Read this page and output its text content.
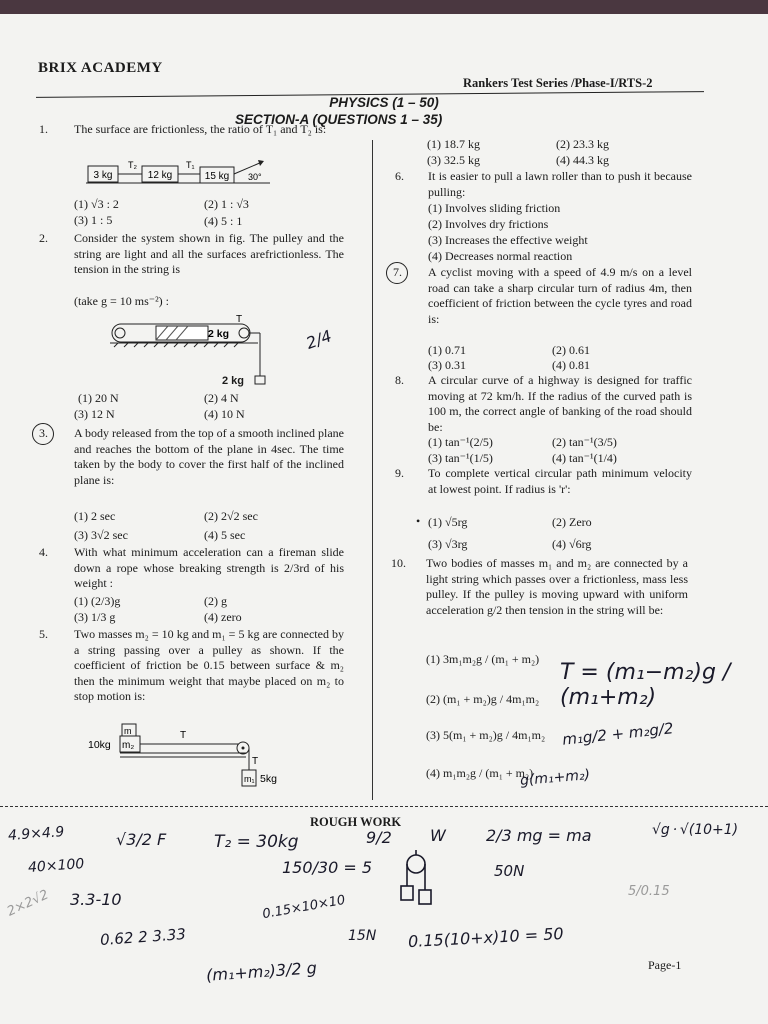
BRIX ACADEMY
Rankers Test Series /Phase-I/RTS-2
PHYSICS (1 – 50)
SECTION-A (QUESTIONS 1 – 35)
1. The surface are frictionless, the ratio of T₁ and T₂ is:
3 kg
T₂
12 kg
T₁
15 kg 30°
(1) √3 : 2	(2) 1 : √3
(3) 1 : 5	(4) 5 : 1
2. Consider the system shown in fig. The pulley and the string are light and all the surfaces arefrictionless. The tension in the string is
(take g = 10 ms⁻²) :
2 kg
T
2 kg
(1) 20 N	(2) 4 N
(3) 12 N	(4) 10 N
3. A body released from the top of a smooth inclined plane and reaches the bottom of the plane in 4sec. The time taken by the body to cover the first half of the inclined plane is:
(1) 2 sec	(2) 2√2 sec
(3) 3√2 sec	(4) 5 sec
4. With what minimum acceleration can a fireman slide down a rope whose breaking strength is 2/3rd of his weight :
(1) (2/3)g	(2) g
(3) 1/3 g	(4) zero
5. Two masses m₂ = 10 kg and m₁ = 5 kg are connected by a string passing over a pulley as shown. If the coefficient of friction be 0.15 between surface & m₂ then the minimum weight that maybe placed on m₂ to stop motion is:
m
m₂
10kg
T
T
m₁ 5kg
(1) 18.7 kg	(2) 23.3 kg
(3) 32.5 kg	(4) 44.3 kg
6. It is easier to pull a lawn roller than to push it because pulling:
(1) Involves sliding friction
(2) Involves dry frictions
(3) Increases the effective weight
(4) Decreases normal reaction
7. A cyclist moving with a speed of 4.9 m/s on a level road can take a sharp circular turn of radius 4m, then coefficient of friction between the cycle tyres and road is:
(1) 0.71	(2) 0.61
(3) 0.31	(4) 0.81
8. A circular curve of a highway is designed for traffic moving at 72 km/h. If the radius of the curved path is 100 m, the correct angle of banking of the road should be:
(1) tan⁻¹(2/5)	(2) tan⁻¹(3/5)
(3) tan⁻¹(1/5)	(4) tan⁻¹(1/4)
9. To complete vertical circular path minimum velocity at lowest point. If radius is 'r':
• (1) √5rg	(2) Zero
(3) √3rg	(4) √6rg
10. Two bodies of masses m₁ and m₂ are connected by a light string which passes over a frictionless, mass less pulley. If the pulley is moving upward with uniform acceleration g/2 then tension in the string will be:
(1) 3m₁m₂g / (m₁ + m₂)
(2) (m₁ + m₂)g / 4m₁m₂
(3) 5(m₁ + m₂)g / 4m₁m₂
(4) m₁m₂g / (m₁ + m₂)
2/4
T = (m₁−m₂)g / (m₁+m₂)
m₁g/2 + m₂g/2
g(m₁+m₂)
ROUGH WORK
4.9×4.9
40×100
√3/2 F	T₂ = 30kg	9/2 W	2/3 mg = ma	√g · √(10+1)
150/30 = 5	50N
2×2√2 3.3-10	0.15×10×10
0.62 2 3.33	15N 0.15(10+x)10 = 50
(m₁+m₂)3/2 g
5/0.15
Page-1
